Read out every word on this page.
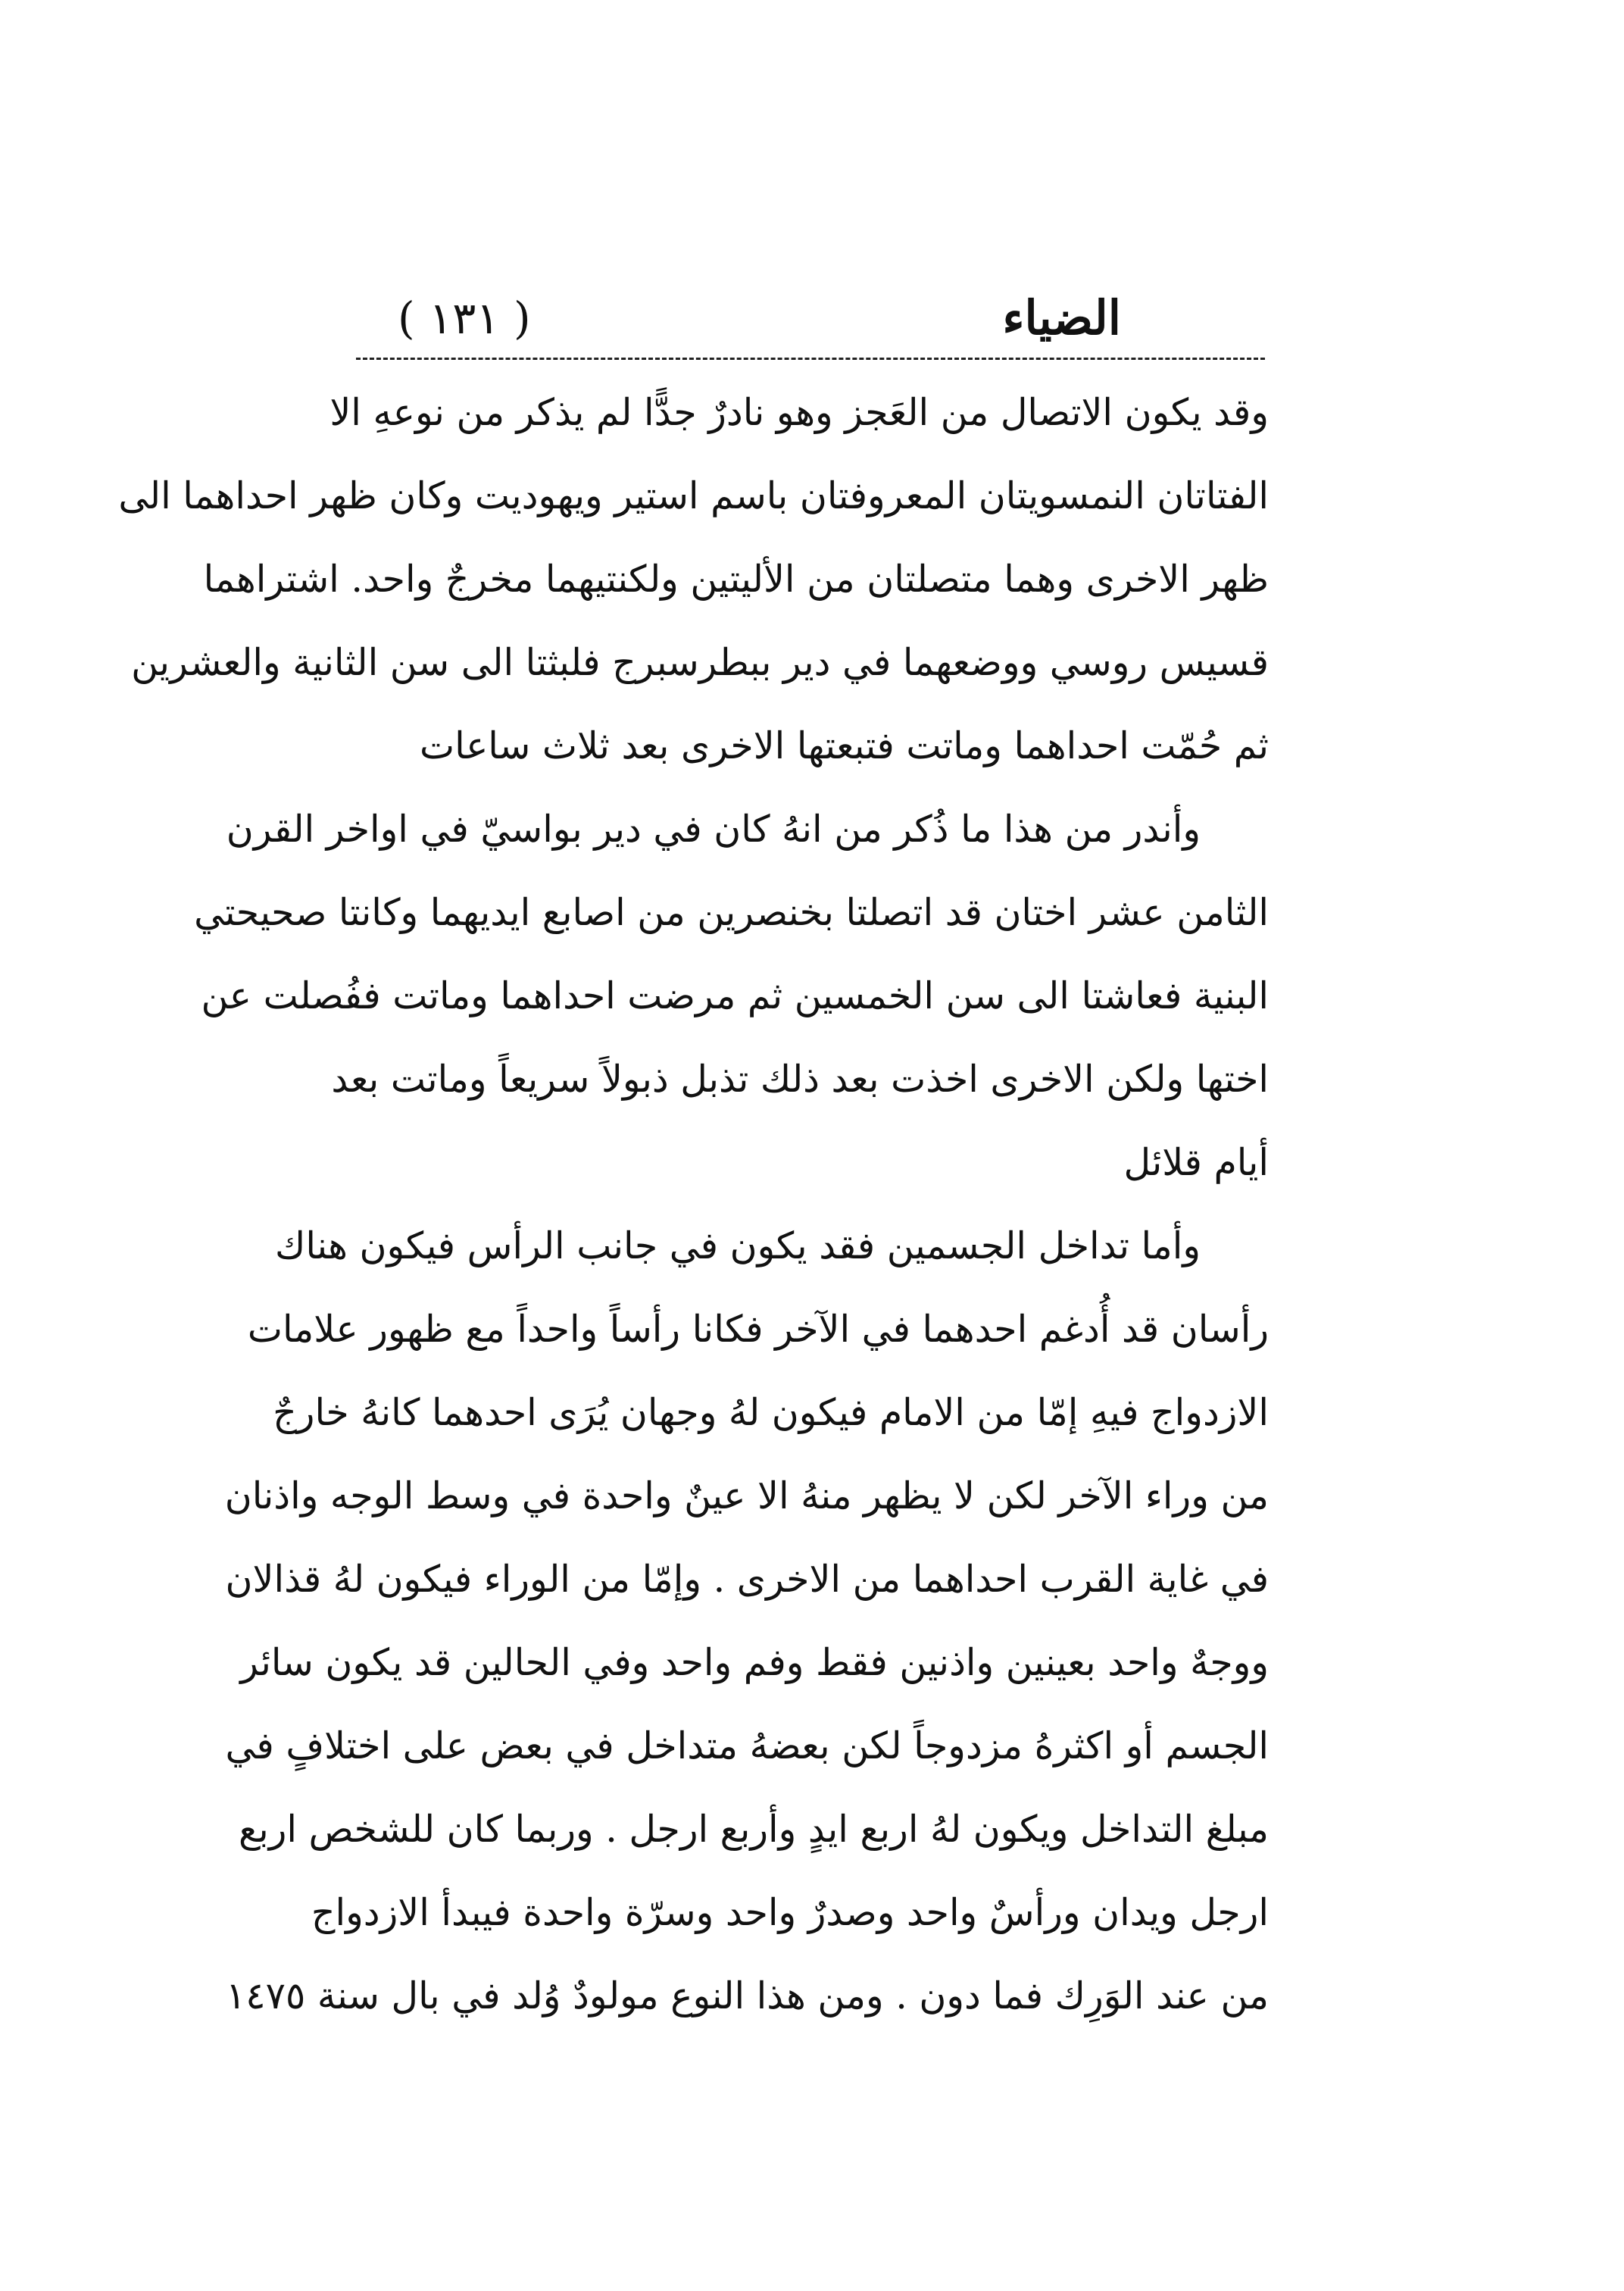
الضياء
( ١٣١ )
وقد يكون الاتصال من العَجز وهو نادرٌ جدًّا لم يذكر من نوعهِ الا
الفتاتان النمسويتان المعروفتان باسم استير ويهوديت وكان ظهر احداهما الى
ظهر الاخرى وهما متصلتان من الأليتين ولكنتيهما مخرجٌ واحد. اشتراهما
قسيس روسي ووضعهما في دير ببطرسبرج فلبثتا الى سن الثانية والعشرين
ثم حُمّت احداهما وماتت فتبعتها الاخرى بعد ثلاث ساعات
وأندر من هذا ما ذُكر من انهُ كان في دير بواسيّ في اواخر القرن
الثامن عشر اختان قد اتصلتا بخنصرين من اصابع ايديهما وكانتا صحيحتي
البنية فعاشتا الى سن الخمسين ثم مرضت احداهما وماتت ففُصلت عن
اختها ولكن الاخرى اخذت بعد ذلك تذبل ذبولاً سريعاً وماتت بعد
أيام قلائل
وأما تداخل الجسمين فقد يكون في جانب الرأس فيكون هناك
رأسان قد أُدغم احدهما في الآخر فكانا رأساً واحداً مع ظهور علامات
الازدواج فيهِ إمّا من الامام فيكون لهُ وجهان يُرَى احدهما كانهُ خارجٌ
من وراء الآخر لكن لا يظهر منهُ الا عينٌ واحدة في وسط الوجه واذنان
في غاية القرب احداهما من الاخرى . وإمّا من الوراء فيكون لهُ قذالان
ووجهٌ واحد بعينين واذنين فقط وفم واحد وفي الحالين قد يكون سائر
الجسم أو اكثرهُ مزدوجاً لكن بعضهُ متداخل في بعض على اختلافٍ في
مبلغ التداخل ويكون لهُ اربع ايدٍ وأربع ارجل . وربما كان للشخص اربع
ارجل ويدان ورأسٌ واحد وصدرٌ واحد وسرّة واحدة فيبدأ الازدواج
من عند الوَرِك فما دون . ومن هذا النوع مولودٌ وُلد في بال سنة ١٤٧٥
